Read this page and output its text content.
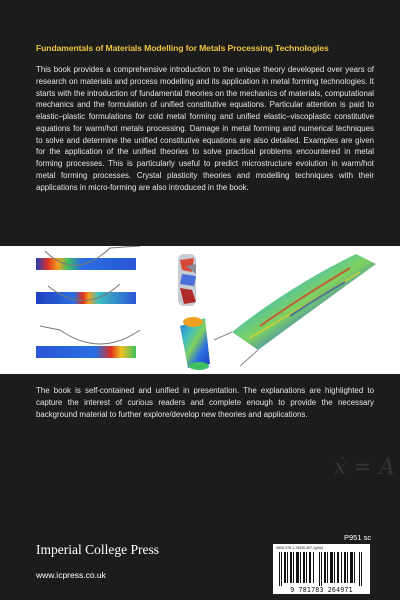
Fundamentals of Materials Modelling for Metals Processing Technologies

This book provides a comprehensive introduction to the unique theory developed over years of research on materials and process modelling and its application in metal forming technologies. It starts with the introduction of fundamental theories on the mechanics of materials, computational mechanics and the formulation of unified constitutive equations. Particular attention is paid to elastic–plastic formulations for cold metal forming and unified elastic–viscoplastic constitutive equations for warm/hot metals processing. Damage in metal forming and numerical techniques to solve and determine the unified constitutive equations are also detailed. Examples are given for the application of the unified theories to solve practical problems encountered in metal forming processes. This is particularly useful to predict microstructure evolution in warm/hot metal forming processes. Crystal plasticity theories and modelling techniques with their applications in micro-forming are also introduced in the book.

The book is self-contained and unified in presentation. The explanations are highlighted to capture the interest of curious readers and complete enough to provide the necessary background material to further explore/develop new theories and applications.

ẋ = A
P951 sc
ISBN 978-1-78326-497-1(pbk)
9 781783 264971
Imperial College Press
www.icpress.co.uk
